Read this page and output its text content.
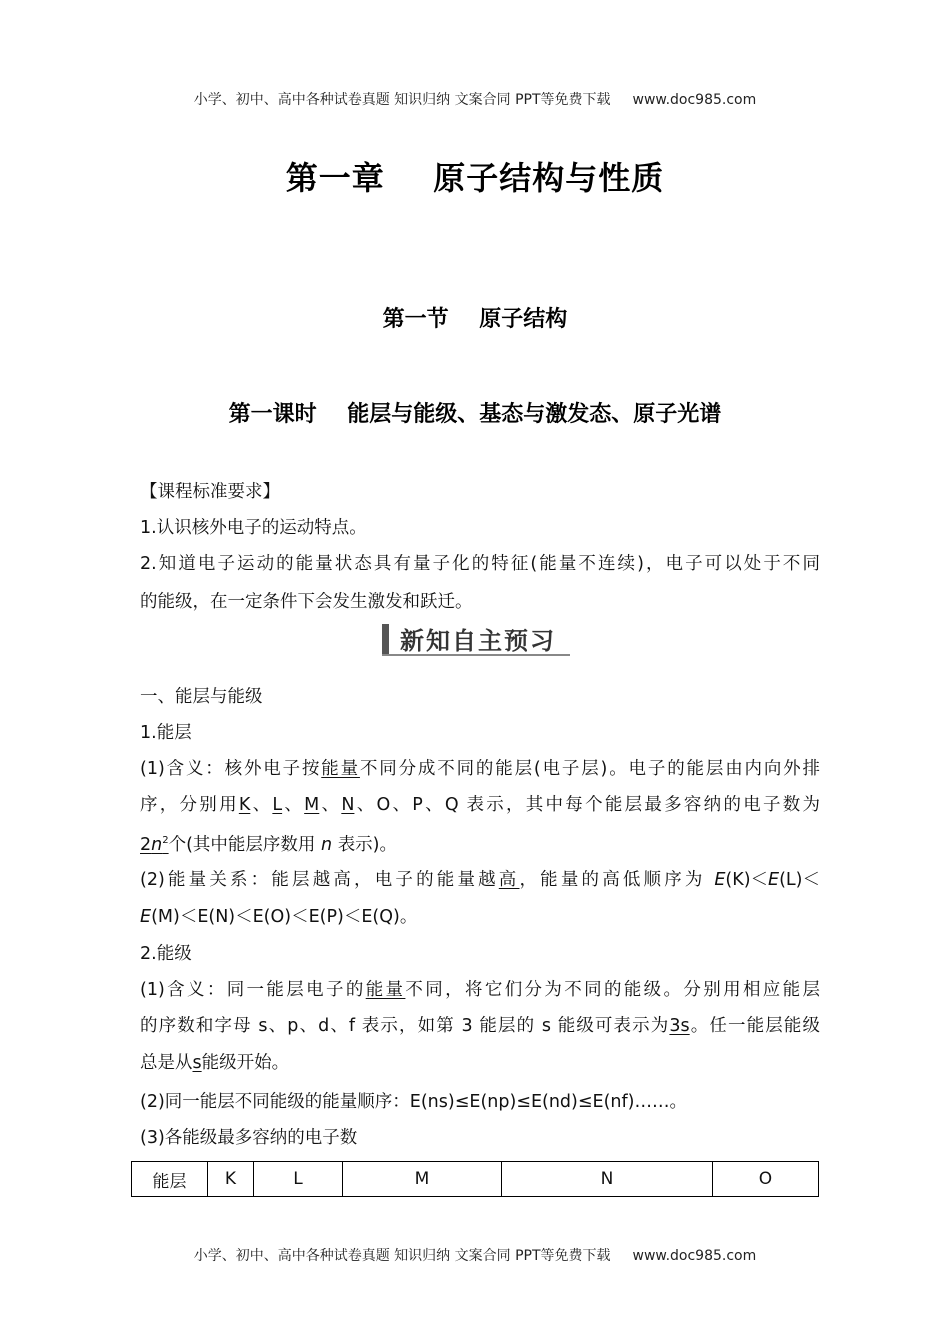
小学、初中、高中各种试卷真题 知识归纳 文案合同 PPT等免费下载 www.doc985.com
第一章    原子结构与性质
第一节    原子结构
第一课时    能层与能级、基态与激发态、原子光谱
【课程标准要求】
1.认识核外电子的运动特点。
2.知道电子运动的能量状态具有量子化的特征(能量不连续)，电子可以处于不同
的能级，在一定条件下会发生激发和跃迁。
新知自主预习
一、能层与能级
1.能层
(1)含义：核外电子按能量不同分成不同的能层(电子层)。电子的能层由内向外排
序，分别用K、L、M、N、O、P、Q 表示，其中每个能层最多容纳的电子数为
$2n^2$个(其中能层序数用 n 表示)。
(2)能量关系：能层越高，电子的能量越高，能量的高低顺序为 E(K)＜E(L)＜
E(M)＜E(N)＜E(O)＜E(P)＜E(Q)。
2.能级
(1)含义：同一能层电子的能量不同，将它们分为不同的能级。分别用相应能层
的序数和字母 s、p、d、f 表示，如第 3 能层的 s 能级可表示为3s。任一能层能级
总是从s能级开始。
(2)同一能层不同能级的能量顺序：E(ns)≤E(np)≤E(nd)≤E(nf)……。
(3)各能级最多容纳的电子数
能层	K	L	M	N	O
小学、初中、高中各种试卷真题 知识归纳 文案合同 PPT等免费下载 www.doc985.com
